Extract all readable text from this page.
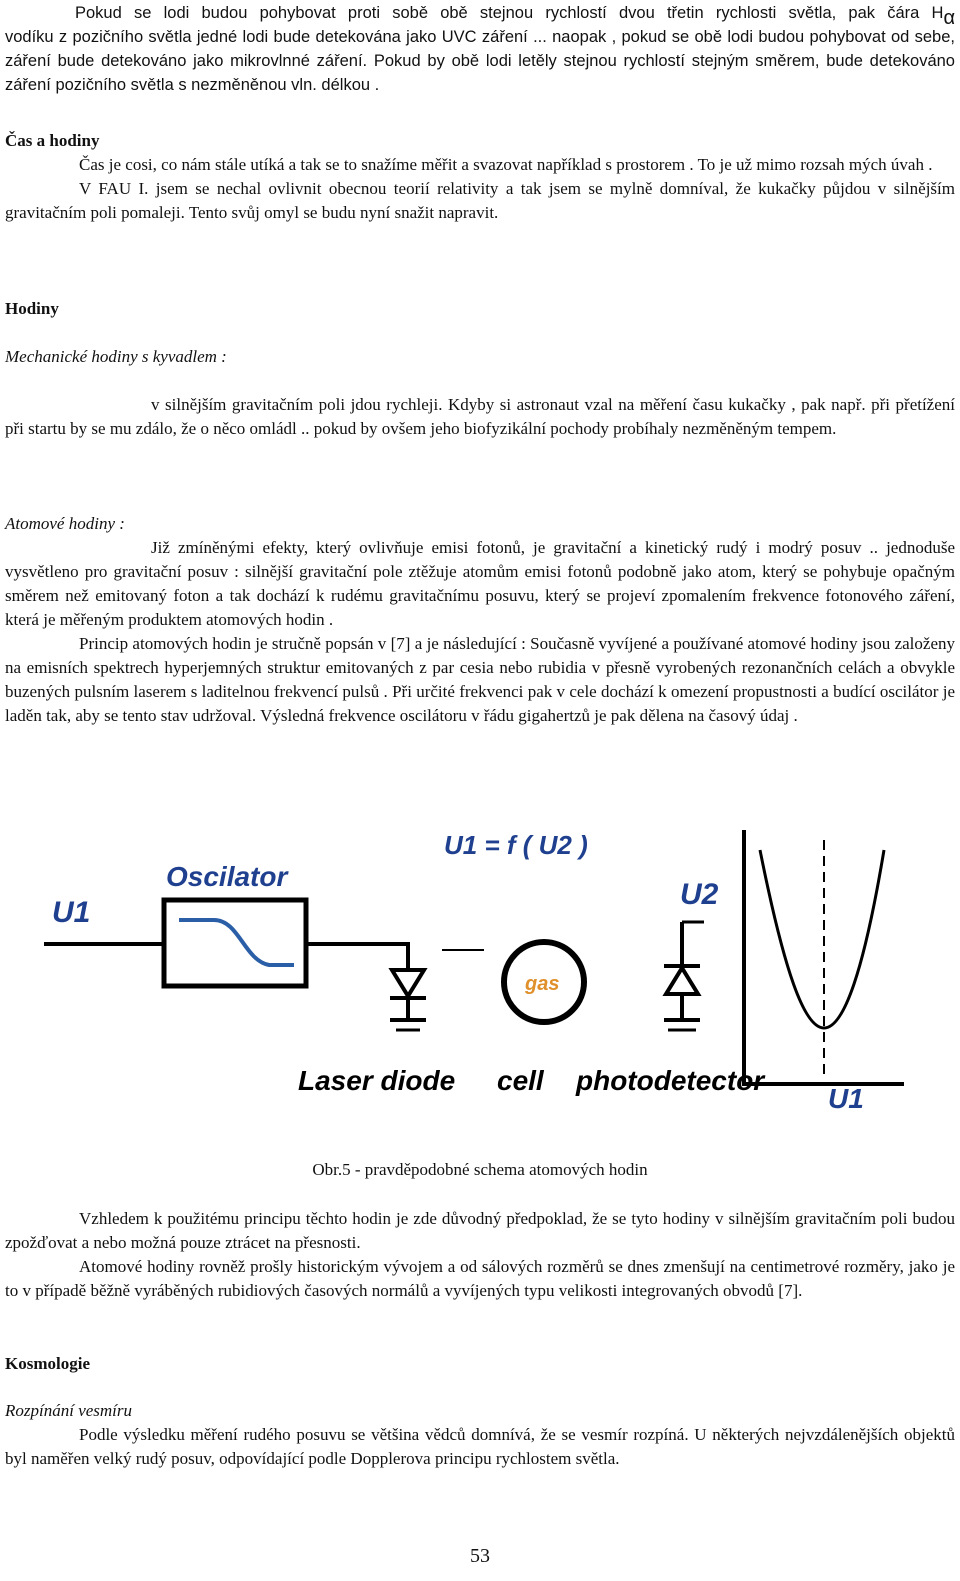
Pokud se lodi budou pohybovat proti sobě obě stejnou rychlostí dvou třetin rychlosti světla, pak čára Hα

vodíku z pozičního světla jedné lodi bude detekována jako UVC záření ... naopak , pokud se obě lodi budou pohybovat od sebe, záření bude detekováno jako mikrovlnné záření. Pokud by obě lodi letěly stejnou rychlostí stejným směrem, bude detekováno záření pozičního světla s nezměněnou vln. délkou .

Čas a hodiny

Čas je cosi, co nám stále utíká a tak se to snažíme měřit a svazovat například s prostorem . To je už mimo rozsah mých úvah .

V FAU I. jsem se nechal ovlivnit obecnou teorií relativity a tak jsem se mylně domníval, že kukačky půjdou v silnějším gravitačním poli pomaleji. Tento svůj omyl se budu nyní snažit napravit.

Hodiny

Mechanické hodiny s kyvadlem :

v silnějším gravitačním poli jdou rychleji. Kdyby si astronaut vzal na měření času kukačky , pak např. při přetížení při startu by se mu zdálo, že o něco omládl .. pokud by ovšem jeho biofyzikální pochody probíhaly nezměněným tempem.

Atomové hodiny :

Již zmíněnými efekty, který ovlivňuje emisi fotonů, je gravitační a kinetický rudý i modrý posuv .. jednoduše vysvětleno pro gravitační posuv : silnější gravitační pole ztěžuje atomům emisi fotonů podobně jako atom, který se pohybuje opačným směrem než emitovaný foton a tak dochází k rudému gravitačnímu posuvu, který se projeví zpomalením frekvence fotonového záření, která je měřeným produktem atomových hodin .

Princip atomových hodin je stručně popsán v [7] a je následující : Současně vyvíjené a používané atomové hodiny jsou založeny na emisních spektrech hyperjemných struktur emitovaných z par cesia nebo rubidia v přesně vyrobených rezonančních celách a obvykle buzených pulsním laserem s laditelnou frekvencí pulsů . Při určité frekvenci pak v cele dochází k omezení propustnosti a budící oscilátor je laděn tak, aby se tento stav udržoval. Výsledná frekvence oscilátoru v řádu gigahertzů je pak dělena na časový údaj .

U1 = f ( U2 )
Oscilator
U1
gas
U2
U1
Laser diode cell photodetector
Obr.5 - pravděpodobné schema atomových hodin

Vzhledem k použitému principu těchto hodin je zde důvodný předpoklad, že se tyto hodiny v silnějším gravitačním poli budou zpožďovat a nebo možná pouze ztrácet na přesnosti.

Atomové hodiny rovněž prošly historickým vývojem a od sálových rozměrů se dnes zmenšují na centimetrové rozměry, jako je to v případě běžně vyráběných rubidiových časových normálů a vyvíjených typu velikosti integrovaných obvodů [7].

Kosmologie

Rozpínání vesmíru

Podle výsledku měření rudého posuvu se většina vědců domnívá, že se vesmír rozpíná. U některých nejvzdálenějších objektů byl naměřen velký rudý posuv, odpovídající podle Dopplerova principu rychlostem světla.

53
